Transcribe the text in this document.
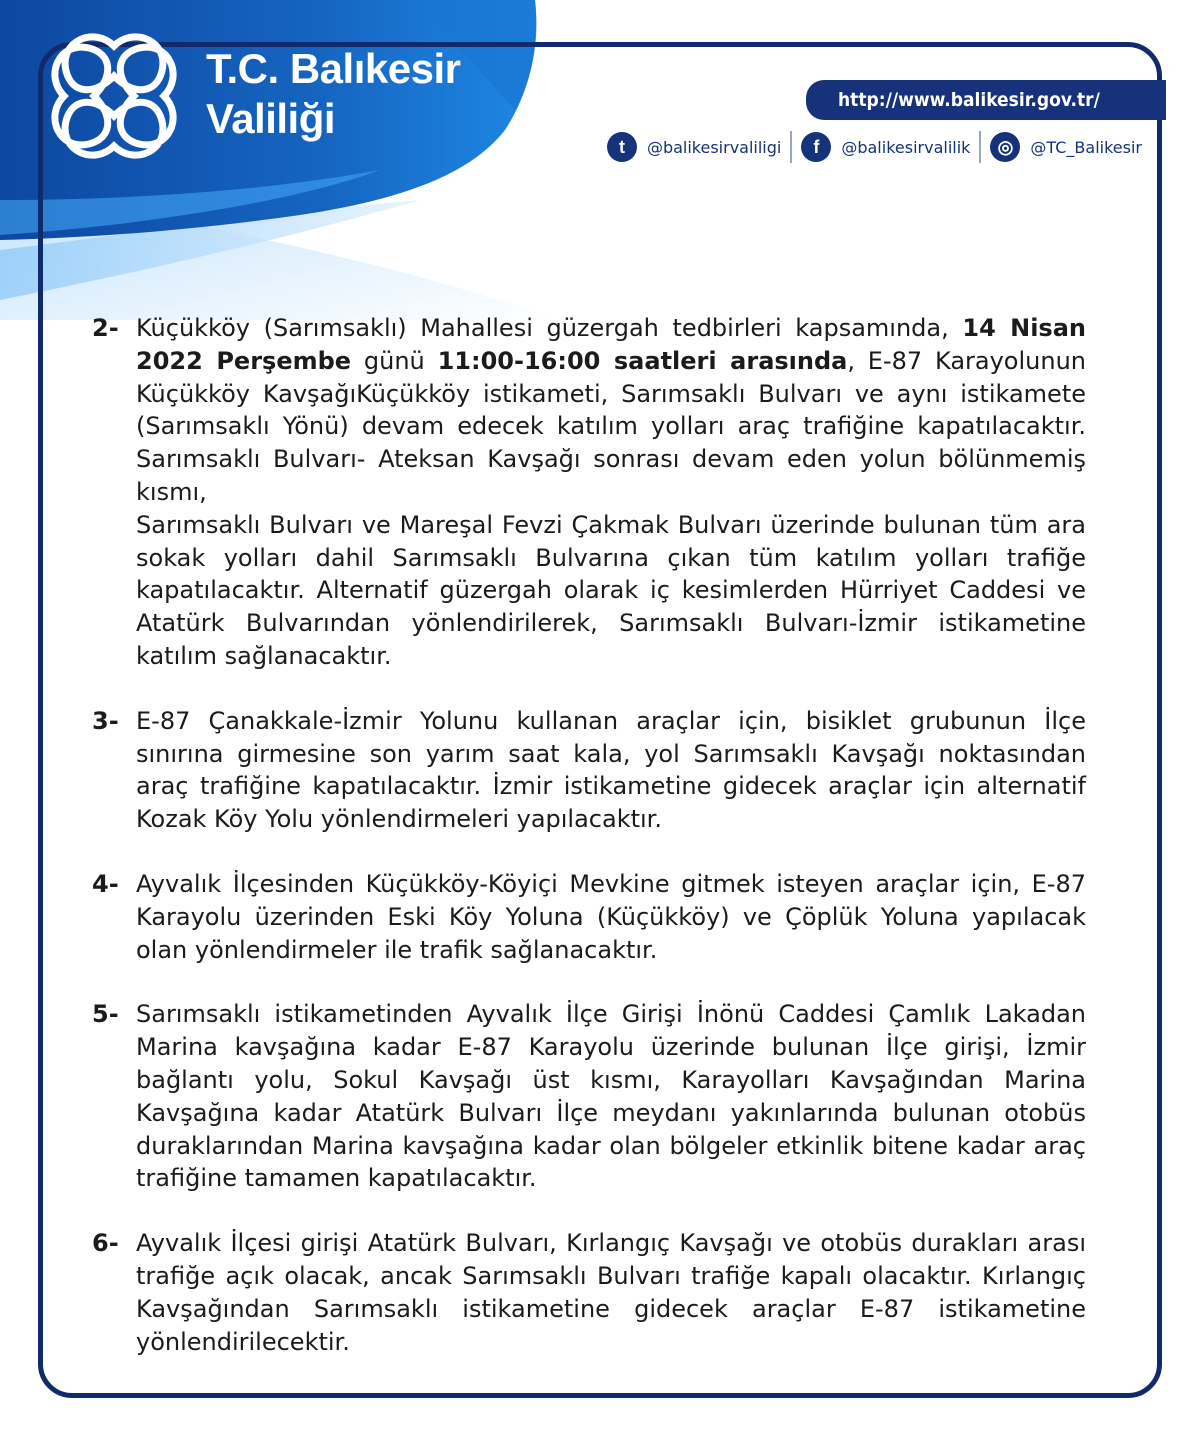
T.C. Balıkesir
Valiliği	http://www.balikesir.gov.tr/
t	@balikesirvaliligi	f	@balikesirvalilik	◎	@TC_Balikesir
2- Küçükköy (Sarımsaklı) Mahallesi güzergah tedbirleri kapsamında, 14 Nisan 2022 Perşembe günü 11:00-16:00 saatleri arasında, E-87 Karayolunun Küçükköy KavşağıKüçükköy istikameti, Sarımsaklı Bulvarı ve aynı istikamete (Sarımsaklı Yönü) devam edecek katılım yolları araç trafiğine kapatılacaktır. Sarımsaklı Bulvarı- Ateksan Kavşağı sonrası devam eden yolun bölünmemiş kısmı,
Sarımsaklı Bulvarı ve Mareşal Fevzi Çakmak Bulvarı üzerinde bulunan tüm ara sokak yolları dahil Sarımsaklı Bulvarına çıkan tüm katılım yolları trafiğe kapatılacaktır. Alternatif güzergah olarak iç kesimlerden Hürriyet Caddesi ve Atatürk Bulvarından yönlendirilerek, Sarımsaklı Bulvarı-İzmir istikametine katılım sağlanacaktır.
3- E-87 Çanakkale-İzmir Yolunu kullanan araçlar için, bisiklet grubunun İlçe sınırına girmesine son yarım saat kala, yol Sarımsaklı Kavşağı noktasından araç trafiğine kapatılacaktır. İzmir istikametine gidecek araçlar için alternatif Kozak Köy Yolu yönlendirmeleri yapılacaktır.
4- Ayvalık İlçesinden Küçükköy-Köyiçi Mevkine gitmek isteyen araçlar için, E-87 Karayolu üzerinden Eski Köy Yoluna (Küçükköy) ve Çöplük Yoluna yapılacak olan yönlendirmeler ile trafik sağlanacaktır.
5- Sarımsaklı istikametinden Ayvalık İlçe Girişi İnönü Caddesi Çamlık Lakadan Marina kavşağına kadar E-87 Karayolu üzerinde bulunan İlçe girişi, İzmir bağlantı yolu, Sokul Kavşağı üst kısmı, Karayolları Kavşağından Marina Kavşağına kadar Atatürk Bulvarı İlçe meydanı yakınlarında bulunan otobüs duraklarından Marina kavşağına kadar olan bölgeler etkinlik bitene kadar araç trafiğine tamamen kapatılacaktır.
6- Ayvalık İlçesi girişi Atatürk Bulvarı, Kırlangıç Kavşağı ve otobüs durakları arası trafiğe açık olacak, ancak Sarımsaklı Bulvarı trafiğe kapalı olacaktır. Kırlangıç Kavşağından Sarımsaklı istikametine gidecek araçlar E-87 istikametine yönlendirilecektir.
